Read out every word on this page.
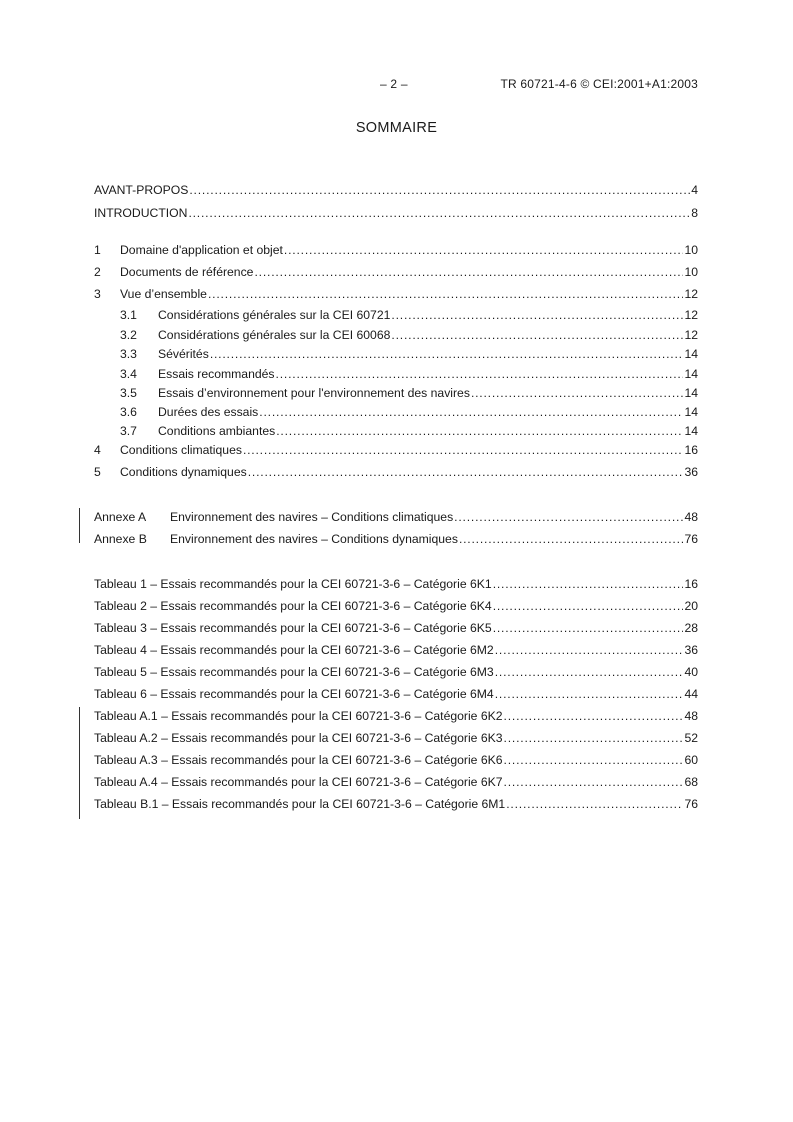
– 2 –	TR 60721-4-6 © CEI:2001+A1:2003
SOMMAIRE
AVANT-PROPOS .....	4
INTRODUCTION .....	8
1	Domaine d'application et objet .....	10
2	Documents de référence .....	10
3	Vue d’ensemble .....	12
3.1	Considérations générales sur la CEI 60721 .....	12
3.2	Considérations générales sur la CEI 60068 .....	12
3.3	Sévérités .....	14
3.4	Essais recommandés .....	14
3.5	Essais d’environnement pour l'environnement des navires .....	14
3.6	Durées des essais .....	14
3.7	Conditions ambiantes .....	14
4	Conditions climatiques .....	16
5	Conditions dynamiques .....	36
Annexe A	Environnement des navires – Conditions climatiques .....	48
Annexe B	Environnement des navires – Conditions dynamiques .....	76
Tableau 1 – Essais recommandés pour la CEI 60721-3-6 – Catégorie 6K1 .....	16
Tableau 2 – Essais recommandés pour la CEI 60721-3-6 – Catégorie 6K4 .....	20
Tableau 3 – Essais recommandés pour la CEI 60721-3-6 – Catégorie 6K5 .....	28
Tableau 4 – Essais recommandés pour la CEI 60721-3-6 – Catégorie 6M2 .....	36
Tableau 5 – Essais recommandés pour la CEI 60721-3-6 – Catégorie 6M3 .....	40
Tableau 6 – Essais recommandés pour la CEI 60721-3-6 – Catégorie 6M4 .....	44
Tableau A.1 – Essais recommandés pour la CEI 60721-3-6 – Catégorie 6K2 .....	48
Tableau A.2 – Essais recommandés pour la CEI 60721-3-6 – Catégorie 6K3 .....	52
Tableau A.3 – Essais recommandés pour la CEI 60721-3-6 – Catégorie 6K6 .....	60
Tableau A.4 – Essais recommandés pour la CEI 60721-3-6 – Catégorie 6K7 .....	68
Tableau B.1 – Essais recommandés pour la CEI 60721-3-6 – Catégorie 6M1 .....	76
